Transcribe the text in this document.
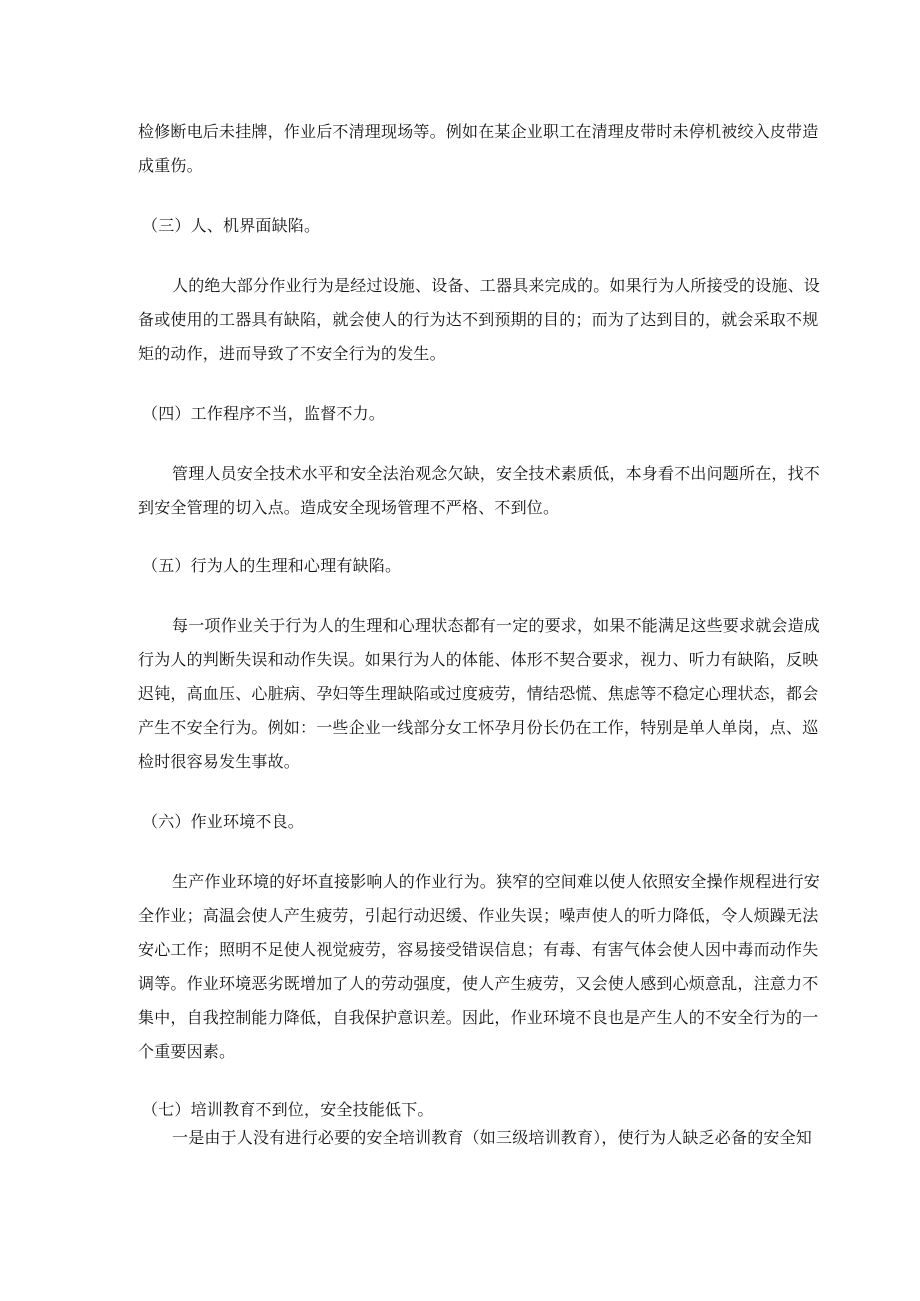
检修断电后未挂牌，作业后不清理现场等。例如在某企业职工在清理皮带时未停机被绞入皮带造
成重伤。
（三）人、机界面缺陷。
人的绝大部分作业行为是经过设施、设备、工器具来完成的。如果行为人所接受的设施、设
备或使用的工器具有缺陷，就会使人的行为达不到预期的目的；而为了达到目的，就会采取不规
矩的动作，进而导致了不安全行为的发生。
（四）工作程序不当，监督不力。
管理人员安全技术水平和安全法治观念欠缺，安全技术素质低，本身看不出问题所在，找不
到安全管理的切入点。造成安全现场管理不严格、不到位。
（五）行为人的生理和心理有缺陷。
每一项作业关于行为人的生理和心理状态都有一定的要求，如果不能满足这些要求就会造成
行为人的判断失误和动作失误。如果行为人的体能、体形不契合要求，视力、听力有缺陷，反映
迟钝，高血压、心脏病、孕妇等生理缺陷或过度疲劳，情结恐慌、焦虑等不稳定心理状态，都会
产生不安全行为。例如：一些企业一线部分女工怀孕月份长仍在工作，特别是单人单岗，点、巡
检时很容易发生事故。
（六）作业环境不良。
生产作业环境的好坏直接影响人的作业行为。狭窄的空间难以使人依照安全操作规程进行安
全作业；高温会使人产生疲劳，引起行动迟缓、作业失误；噪声使人的听力降低，令人烦躁无法
安心工作；照明不足使人视觉疲劳，容易接受错误信息；有毒、有害气体会使人因中毒而动作失
调等。作业环境恶劣既增加了人的劳动强度，使人产生疲劳，又会使人感到心烦意乱，注意力不
集中，自我控制能力降低，自我保护意识差。因此，作业环境不良也是产生人的不安全行为的一
个重要因素。
（七）培训教育不到位，安全技能低下。
一是由于人没有进行必要的安全培训教育（如三级培训教育），使行为人缺乏必备的安全知
